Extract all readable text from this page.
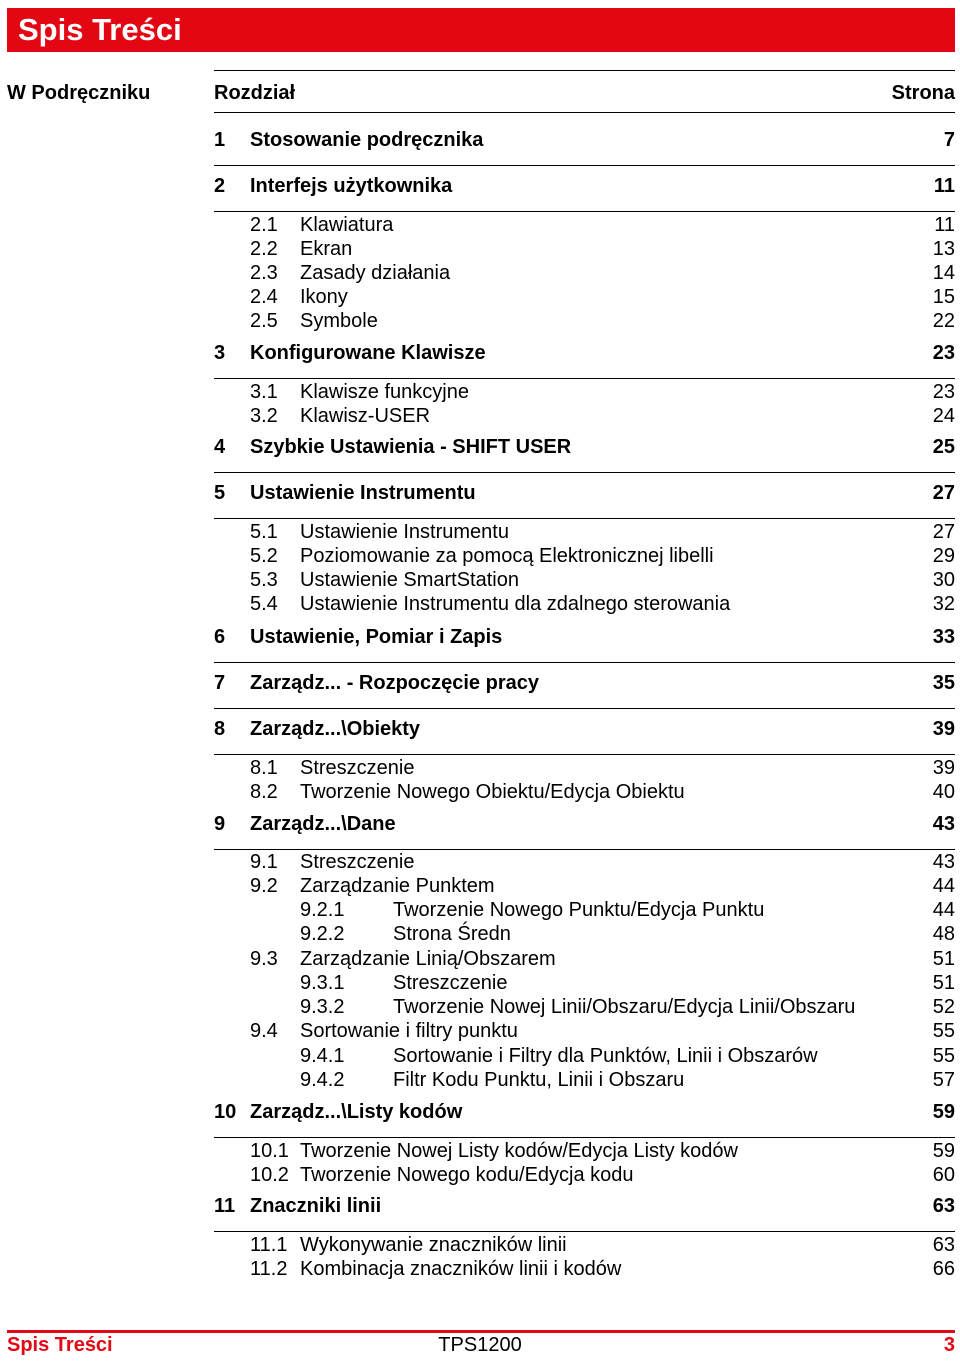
Spis Treści
W Podręczniku	Rozdział	Strona
1 Stosowanie podręcznika	7
2 Interfejs użytkownika	11
2.1 Klawiatura	11
2.2 Ekran	13
2.3 Zasady działania	14
2.4 Ikony	15
2.5 Symbole	22
3 Konfigurowane Klawisze	23
3.1 Klawisze funkcyjne	23
3.2 Klawisz-USER	24
4 Szybkie Ustawienia - SHIFT USER	25
5 Ustawienie Instrumentu	27
5.1 Ustawienie Instrumentu	27
5.2 Poziomowanie za pomocą Elektronicznej libelli	29
5.3 Ustawienie SmartStation	30
5.4 Ustawienie Instrumentu dla zdalnego sterowania	32
6 Ustawienie, Pomiar i Zapis	33
7 Zarządz... - Rozpoczęcie pracy	35
8 Zarządz...\Obiekty	39
8.1 Streszczenie	39
8.2 Tworzenie Nowego Obiektu/Edycja Obiektu	40
9 Zarządz...\Dane	43
9.1 Streszczenie	43
9.2 Zarządzanie Punktem	44
9.2.1 Tworzenie Nowego Punktu/Edycja Punktu	44
9.2.2 Strona Średn	48
9.3 Zarządzanie Linią/Obszarem	51
9.3.1 Streszczenie	51
9.3.2 Tworzenie Nowej Linii/Obszaru/Edycja Linii/Obszaru	52
9.4 Sortowanie i filtry punktu	55
9.4.1 Sortowanie i Filtry dla Punktów, Linii i Obszarów	55
9.4.2 Filtr Kodu Punktu, Linii i Obszaru	57
10 Zarządz...\Listy kodów	59
10.1 Tworzenie Nowej Listy kodów/Edycja Listy kodów	59
10.2 Tworzenie Nowego kodu/Edycja kodu	60
11 Znaczniki linii	63
11.1 Wykonywanie znaczników linii	63
11.2 Kombinacja znaczników linii i kodów	66
Spis Treści	TPS1200	3
